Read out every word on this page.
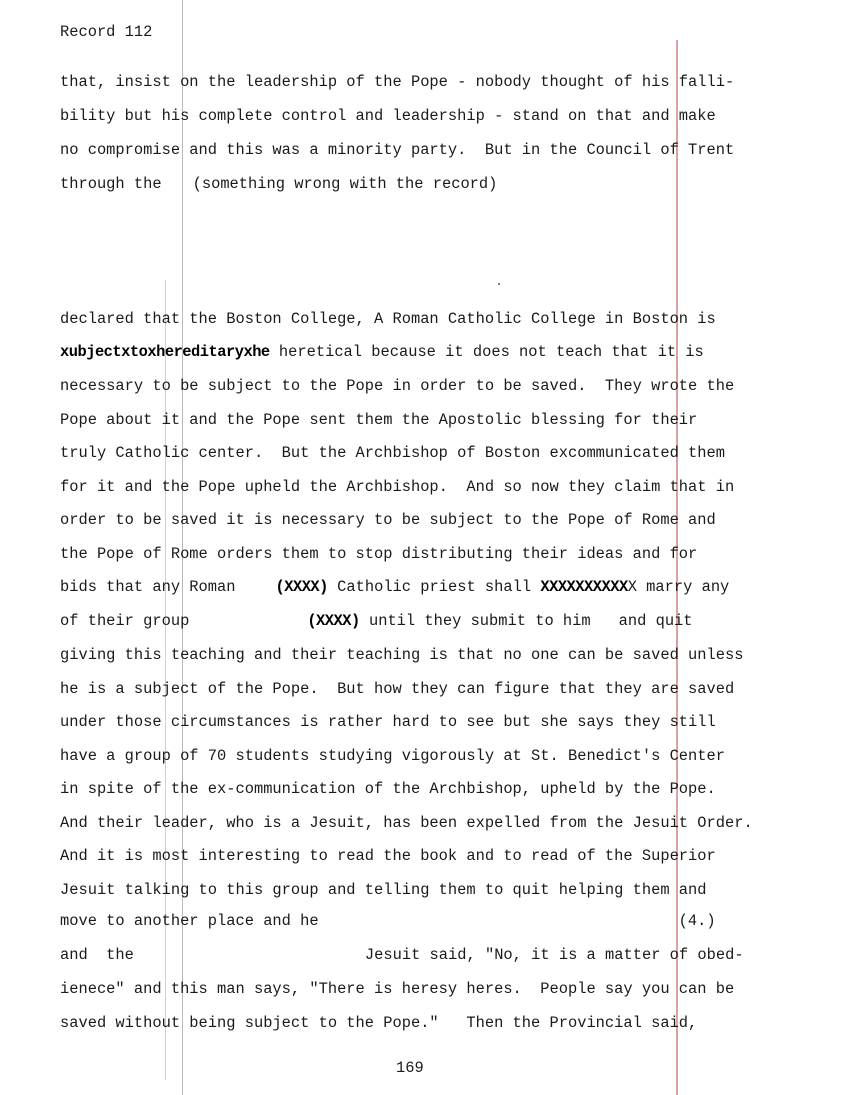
Record 112
that, insist on the leadership of the Pope - nobody thought of his falli-
bility but his complete control and leadership - stand on that and make
no compromise and this was a minority party.  But in the Council of Trent
through the (something wrong with the record)
declared that the Boston College, A Roman Catholic College in Boston is
xubjectxtoxhereditaryxhe heretical because it does not teach that it is
necessary to be subject to the Pope in order to be saved.  They wrote the
Pope about it and the Pope sent them the Apostolic blessing for their
truly Catholic center.  But the Archbishop of Boston excommunicated them
for it and the Pope upheld the Archbishop.  And so now they claim that in
order to be saved it is necessary to be subject to the Pope of Rome and
the Pope of Rome orders them to stop distributing their ideas and for
bids that any Roman	(XXXX) Catholic priest shall XXXXXXXXXXX marry any
of their group	(XXXX) until they submit to him and quit
giving this teaching and their teaching is that no one can be saved unless
he is a subject of the Pope.  But how they can figure that they are saved
under those circumstances is rather hard to see but she says they still
have a group of 70 students studying vigorously at St. Benedict's Center
in spite of the ex-communication of the Archbishop, upheld by the Pope.
And their leader, who is a Jesuit, has been expelled from the Jesuit Order.
And it is most interesting to read the book and to read of the Superior
Jesuit talking to this group and telling them to quit helping them and
move to another place and he	(4.)
and  the	Jesuit said, "No, it is a matter of obed-
ienece" and this man says, "There is heresy heres.  People say you can be
saved without being subject to the Pope."   Then the Provincial said,
169
